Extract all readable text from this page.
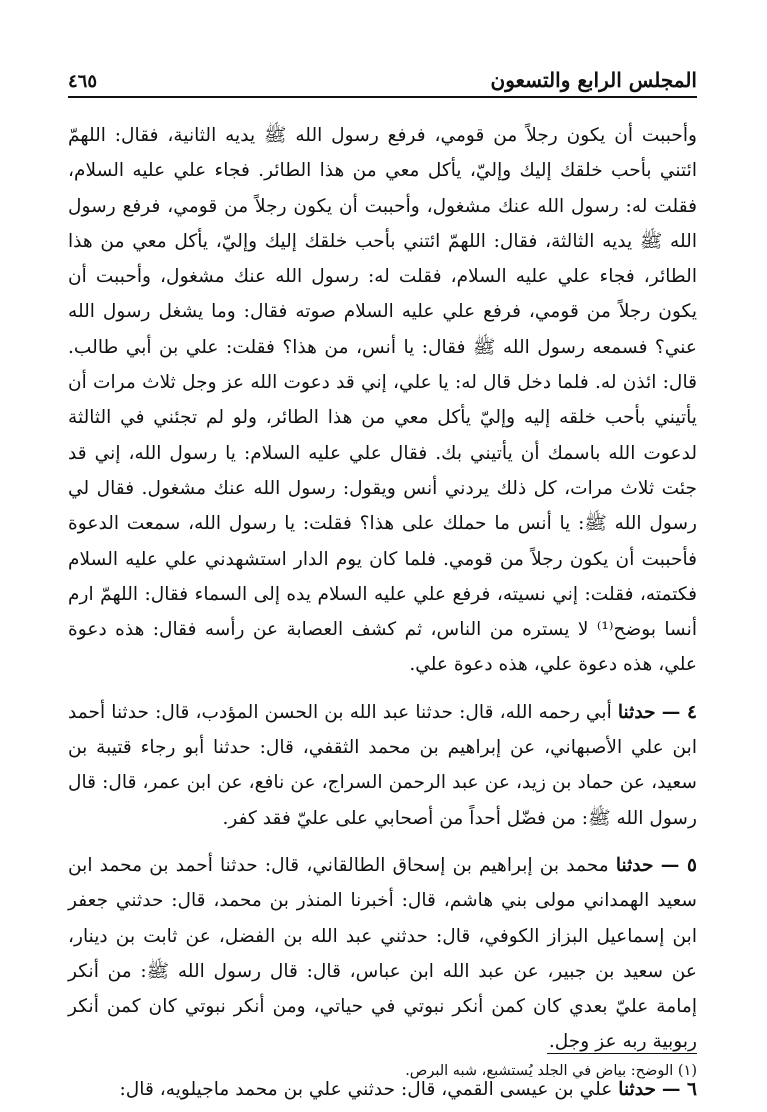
المجلس الرابع والتسعون
٤٦٥

وأحببت أن يكون رجلاً من قومي، فرفع رسول الله ﷺ يديه الثانية، فقال: اللهمّ ائتني بأحب خلقك إليك وإليّ، يأكل معي من هذا الطائر. فجاء علي عليه السلام، فقلت له: رسول الله عنك مشغول، وأحببت أن يكون رجلاً من قومي، فرفع رسول الله ﷺ يديه الثالثة، فقال: اللهمّ ائتني بأحب خلقك إليك وإليّ، يأكل معي من هذا الطائر، فجاء علي عليه السلام، فقلت له: رسول الله عنك مشغول، وأحببت أن يكون رجلاً من قومي، فرفع علي عليه السلام صوته فقال: وما يشغل رسول الله عني؟ فسمعه رسول الله ﷺ فقال: يا أنس، من هذا؟ فقلت: علي بن أبي طالب. قال: ائذن له. فلما دخل قال له: يا علي، إني قد دعوت الله عز وجل ثلاث مرات أن يأتيني بأحب خلقه إليه وإليّ يأكل معي من هذا الطائر، ولو لم تجئني في الثالثة لدعوت الله باسمك أن يأتيني بك. فقال علي عليه السلام: يا رسول الله، إني قد جئت ثلاث مرات، كل ذلك يردني أنس ويقول: رسول الله عنك مشغول. فقال لي رسول الله ﷺ: يا أنس ما حملك على هذا؟ فقلت: يا رسول الله، سمعت الدعوة فأحببت أن يكون رجلاً من قومي. فلما كان يوم الدار استشهدني علي عليه السلام فكتمته، فقلت: إني نسيته، فرفع علي عليه السلام يده إلى السماء فقال: اللهمّ ارم أنسا بوضح⁽¹⁾ لا يستره من الناس، ثم كشف العصابة عن رأسه فقال: هذه دعوة علي، هذه دعوة علي، هذه دعوة علي.

٤ — حدثنا أبي رحمه الله، قال: حدثنا عبد الله بن الحسن المؤدب، قال: حدثنا أحمد ابن علي الأصبهاني، عن إبراهيم بن محمد الثقفي، قال: حدثنا أبو رجاء قتيبة بن سعيد، عن حماد بن زيد، عن عبد الرحمن السراج، عن نافع، عن ابن عمر، قال: قال رسول الله ﷺ: من فضّل أحداً من أصحابي على عليّ فقد كفر.

٥ — حدثنا محمد بن إبراهيم بن إسحاق الطالقاني، قال: حدثنا أحمد بن محمد ابن سعيد الهمداني مولى بني هاشم، قال: أخبرنا المنذر بن محمد، قال: حدثني جعفر ابن إسماعيل البزاز الكوفي، قال: حدثني عبد الله بن الفضل، عن ثابت بن دينار، عن سعيد بن جبير، عن عبد الله ابن عباس، قال: قال رسول الله ﷺ: من أنكر إمامة عليّ بعدي كان كمن أنكر نبوتي في حياتي، ومن أنكر نبوتي كان كمن أنكر ربوبية ربه عز وجل.

٦ — حدثنا علي بن عيسى القمي، قال: حدثني علي بن محمد ماجيلويه، قال:

(١) الوضح: بياض في الجلد يُستشبع، شبه البرص.
